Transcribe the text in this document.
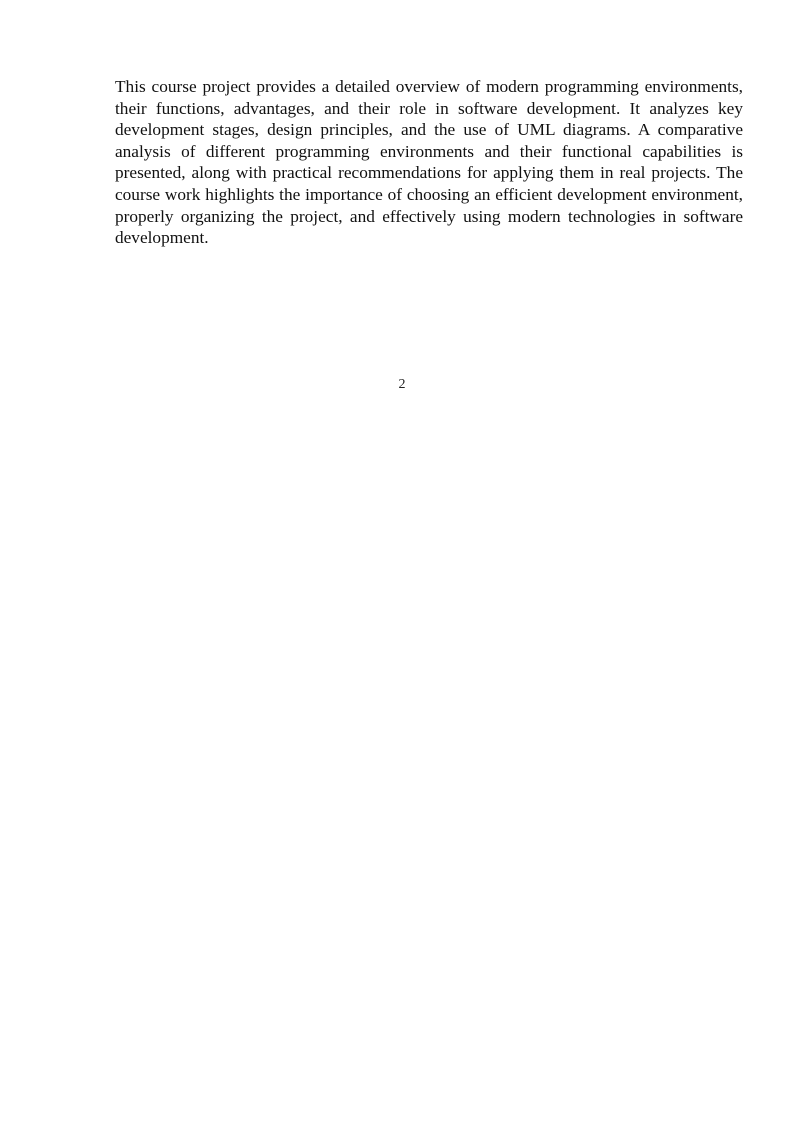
This course project provides a detailed overview of modern programming environments, their functions, advantages, and their role in software development. It analyzes key development stages, design principles, and the use of UML diagrams. A comparative analysis of different programming environments and their functional capabilities is presented, along with practical recommendations for applying them in real projects. The course work highlights the importance of choosing an efficient development environment, properly organizing the project, and effectively using modern technologies in software development.

2
